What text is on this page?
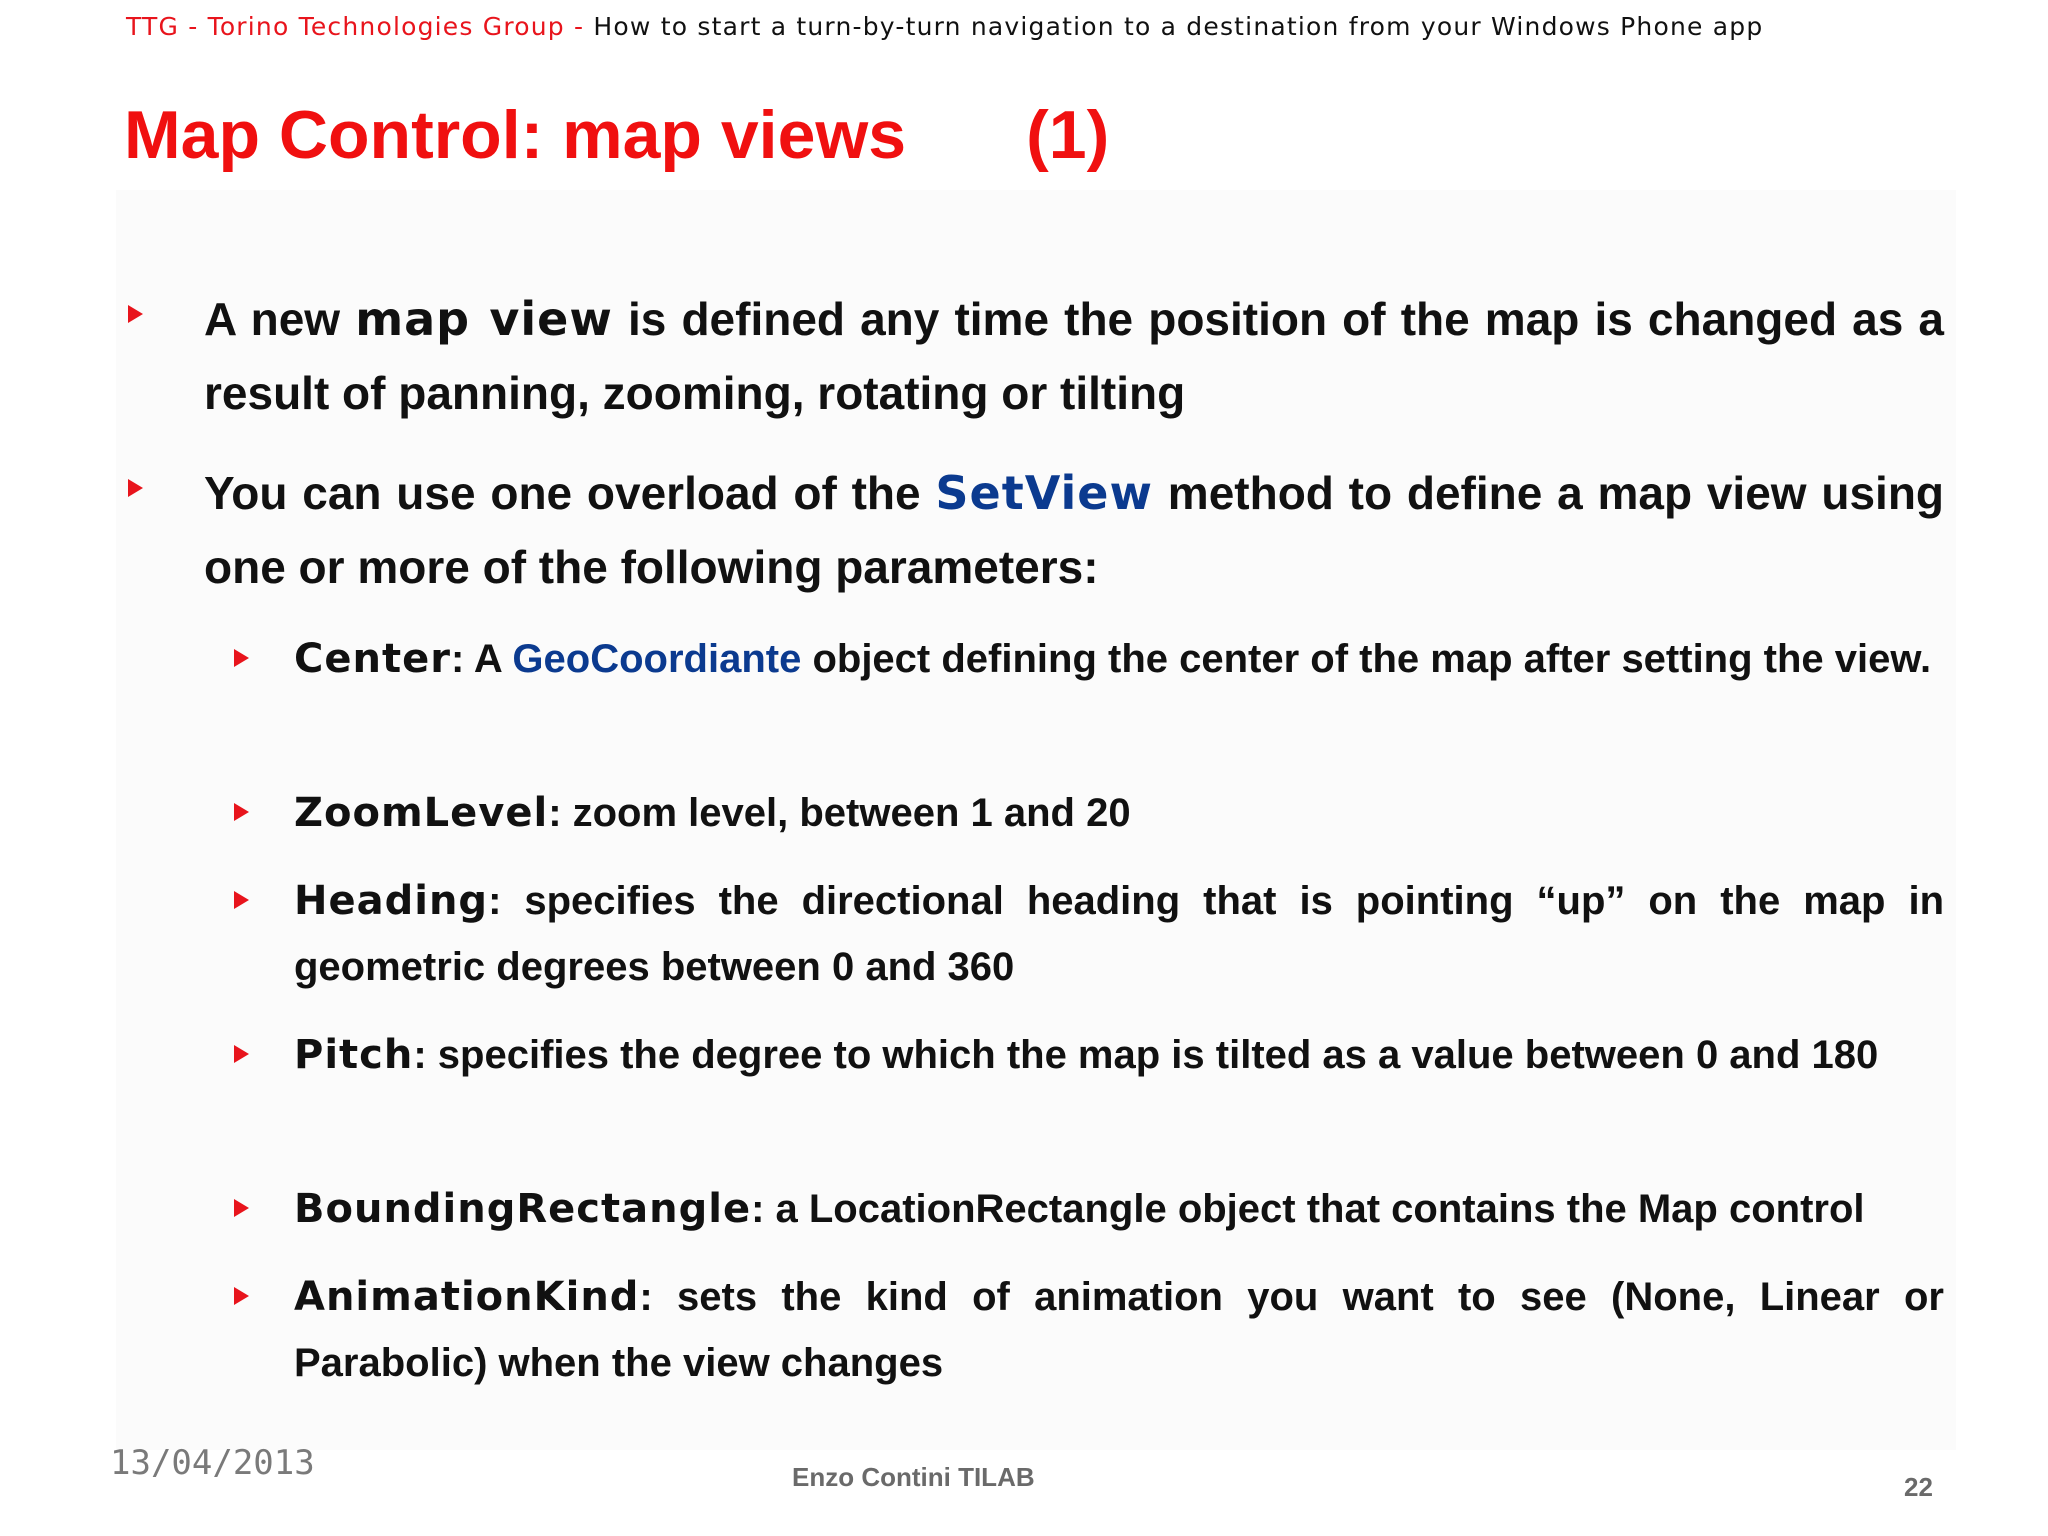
TTG - Torino Technologies Group - How to start a turn-by-turn navigation to a destination from your Windows Phone app
Map Control: map views (1)
A new map view is defined any time the position of the map is changed as a result of panning, zooming, rotating or tilting
You can use one overload of the SetView method to define a map view using one or more of the following parameters:
Center: A GeoCoordiante object defining the center of the map after setting the view.
ZoomLevel: zoom level, between 1 and 20
Heading: specifies the directional heading that is pointing “up” on the map in geometric degrees between 0 and 360
Pitch: specifies the degree to which the map is tilted as a value between 0 and 180
BoundingRectangle: a LocationRectangle object that contains the Map control
AnimationKind: sets the kind of animation you want to see (None, Linear or Parabolic) when the view changes
13/04/2013	Enzo Contini TILAB	22
